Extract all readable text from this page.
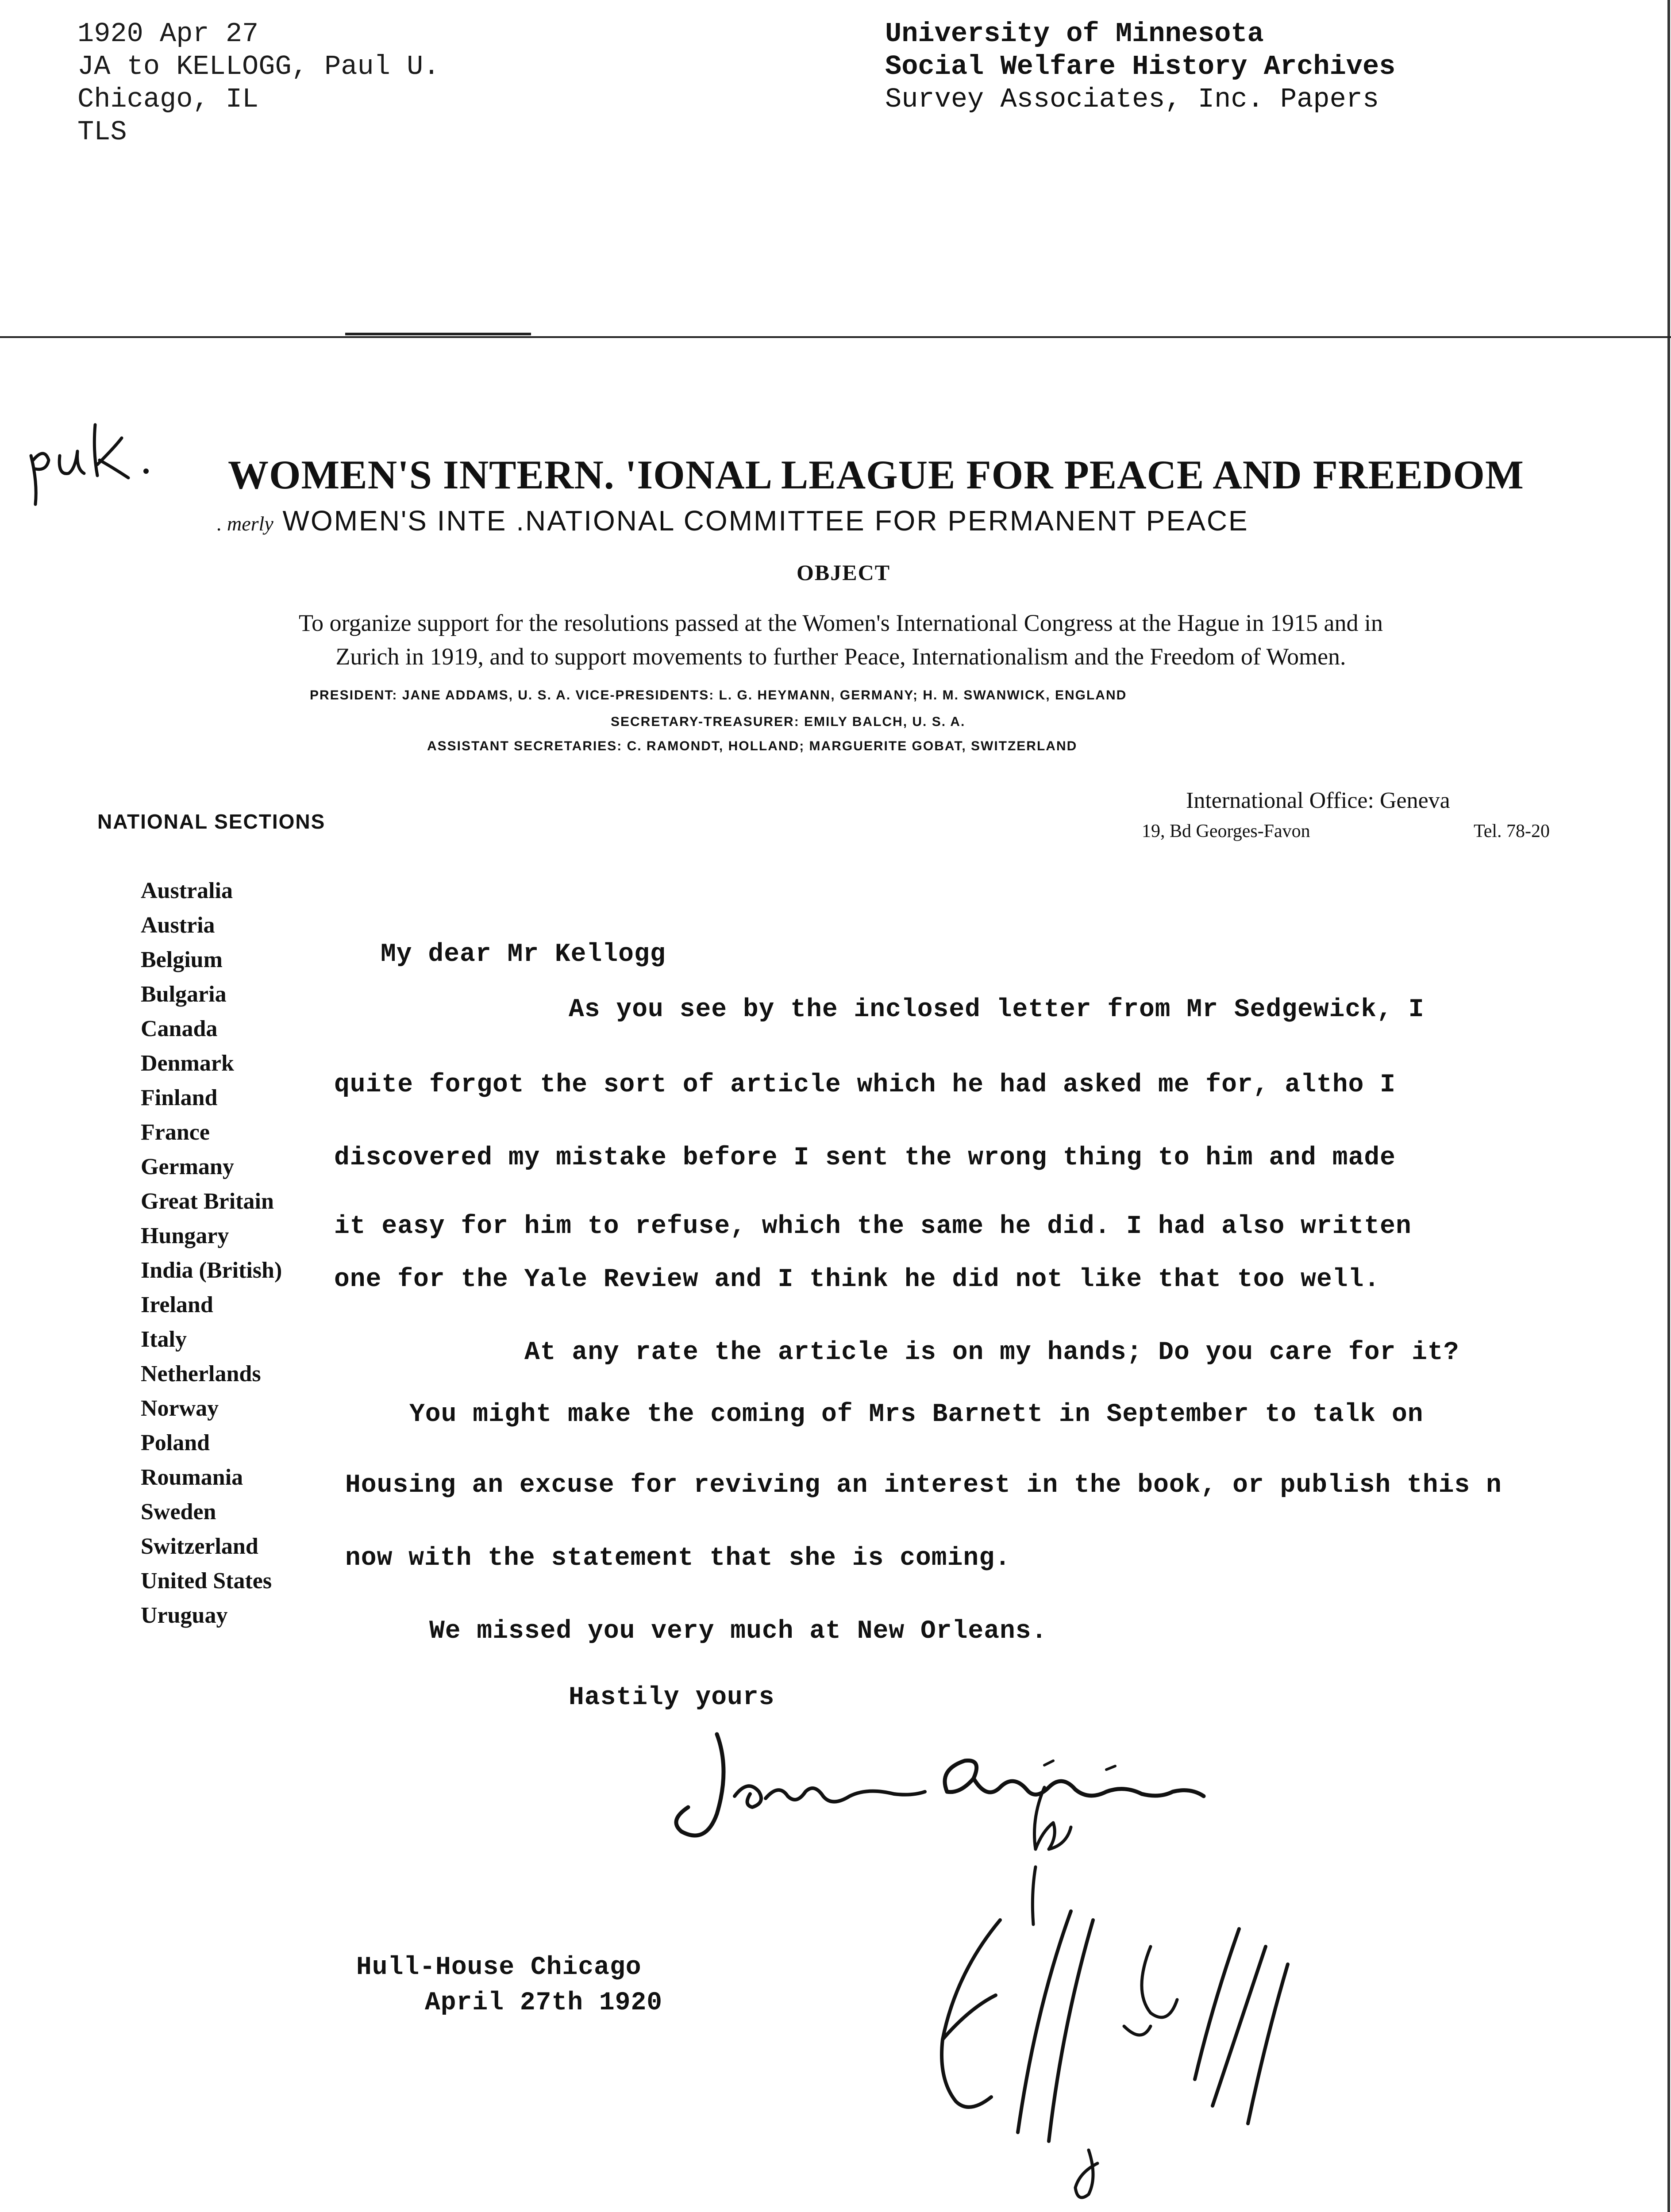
1920 Apr 27
JA to KELLOGG, Paul U.
Chicago, IL
TLS
University of Minnesota
Social Welfare History Archives
Survey Associates, Inc. Papers
WOMEN'S INTERN. 'IONAL LEAGUE FOR PEACE AND FREEDOM
. merly WOMEN'S INTE .NATIONAL COMMITTEE FOR PERMANENT PEACE
OBJECT
To organize support for the resolutions passed at the Women's International Congress at the Hague in 1915 and in
Zurich in 1919, and to support movements to further Peace, Internationalism and the Freedom of Women.
PRESIDENT: JANE ADDAMS, U. S. A. VICE-PRESIDENTS: L. G. HEYMANN, GERMANY; H. M. SWANWICK, ENGLAND
SECRETARY-TREASURER: EMILY BALCH, U. S. A.
ASSISTANT SECRETARIES: C. RAMONDT, HOLLAND; MARGUERITE GOBAT, SWITZERLAND
NATIONAL SECTIONS
International Office: Geneva
19, Bd Georges-Favon	Tel. 78-20
Australia
Austria
Belgium
Bulgaria
Canada
Denmark
Finland
France
Germany
Great Britain
Hungary
India (British)
Ireland
Italy
Netherlands
Norway
Poland
Roumania
Sweden
Switzerland
United States
Uruguay
My dear Mr Kellogg
As you see by the inclosed letter from Mr Sedgewick, I
quite forgot the sort of article which he had asked me for, altho I
discovered my mistake before I sent the wrong thing to him and made
it easy for him to refuse, which the same he did. I had also written
one for the Yale Review and I think he did not like that too well.
At any rate the article is on my hands; Do you care for it?
You might make the coming of Mrs Barnett in September to talk on
Housing an excuse for reviving an interest in the book, or publish this n
now with the statement that she is coming.
We missed you very much at New Orleans.
Hastily yours
Hull-House Chicago
April 27th 1920
